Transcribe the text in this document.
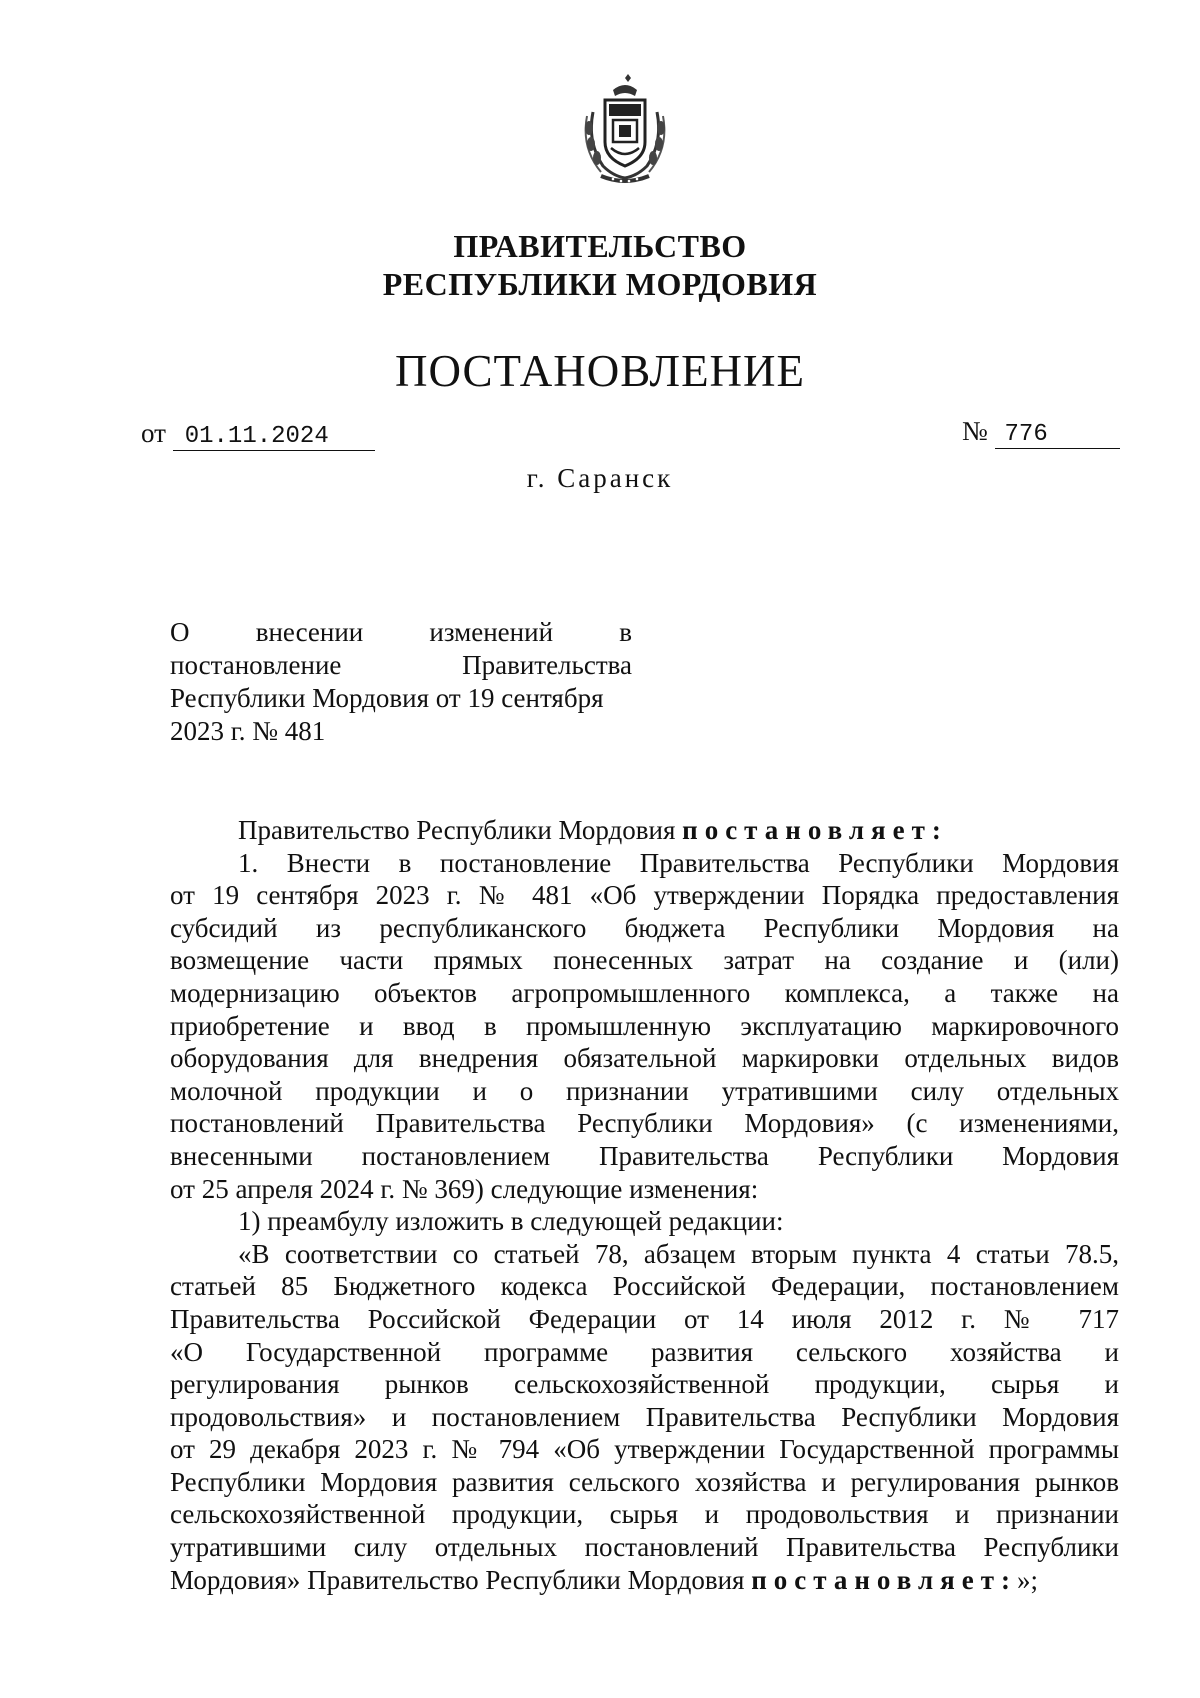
ПРАВИТЕЛЬСТВО
РЕСПУБЛИКИ МОРДОВИЯ
ПОСТАНОВЛЕНИЕ
от 01.11.2024	№ 776
г. Саранск
О внесении изменений в
постановление Правительства
Республики Мордовия от 19 сентября
2023 г. № 481
Правительство Республики Мордовия постановляет:
1. Внести в постановление Правительства Республики Мордовия
от 19 сентября 2023 г. № 481 «Об утверждении Порядка предоставления
субсидий из республиканского бюджета Республики Мордовия на
возмещение части прямых понесенных затрат на создание и (или)
модернизацию объектов агропромышленного комплекса, а также на
приобретение и ввод в промышленную эксплуатацию маркировочного
оборудования для внедрения обязательной маркировки отдельных видов
молочной продукции и о признании утратившими силу отдельных
постановлений Правительства Республики Мордовия» (с изменениями,
внесенными постановлением Правительства Республики Мордовия
от 25 апреля 2024 г. № 369) следующие изменения:
1) преамбулу изложить в следующей редакции:
«В соответствии со статьей 78, абзацем вторым пункта 4 статьи 78.5,
статьей 85 Бюджетного кодекса Российской Федерации, постановлением
Правительства Российской Федерации от 14 июля 2012 г. № 717
«О Государственной программе развития сельского хозяйства и
регулирования рынков сельскохозяйственной продукции, сырья и
продовольствия» и постановлением Правительства Республики Мордовия
от 29 декабря 2023 г. № 794 «Об утверждении Государственной программы
Республики Мордовия развития сельского хозяйства и регулирования рынков
сельскохозяйственной продукции, сырья и продовольствия и признании
утратившими силу отдельных постановлений Правительства Республики
Мордовия» Правительство Республики Мордовия постановляет:»;
